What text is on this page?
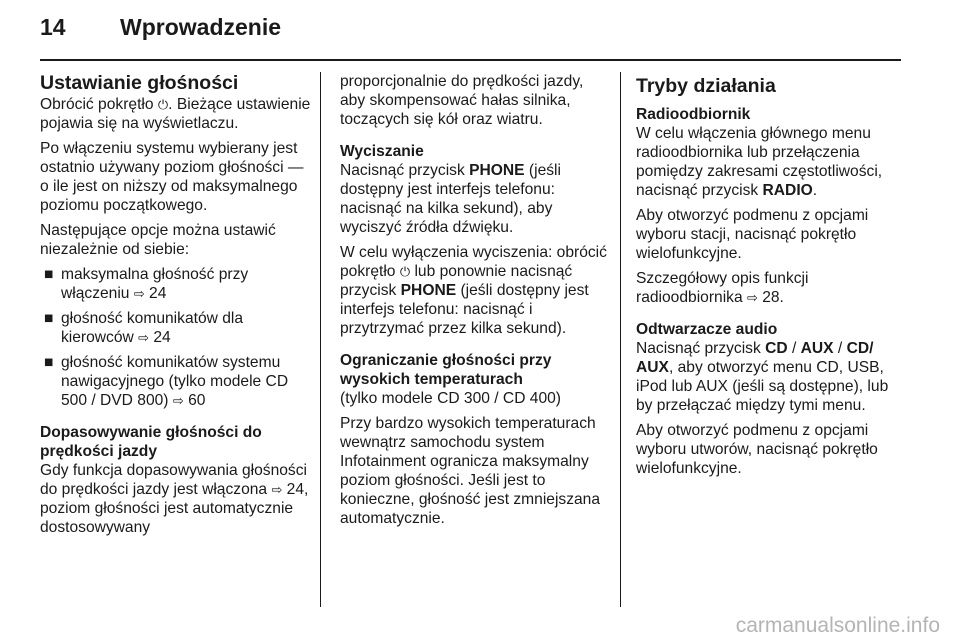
14 Wprowadzenie
Ustawianie głośności

Obrócić pokrętło ⏻. Bieżące ustawienie pojawia się na wyświetlaczu.

Po włączeniu systemu wybierany jest ostatnio używany poziom głośności — o ile jest on niższy od maksymalnego poziomu początkowego.

Następujące opcje można ustawić niezależnie od siebie:

■ maksymalna głośność przy włączeniu ⇨ 24
■ głośność komunikatów dla kierowców ⇨ 24
■ głośność komunikatów systemu nawigacyjnego (tylko modele CD 500 / DVD 800) ⇨ 60
Dopasowywanie głośności do prędkości jazdy

Gdy funkcja dopasowywania głośności do prędkości jazdy jest włączona ⇨ 24, poziom głośności jest automatycznie dostosowywany

proporcjonalnie do prędkości jazdy, aby skompensować hałas silnika, toczących się kół oraz wiatru.

Wyciszanie

Nacisnąć przycisk PHONE (jeśli dostępny jest interfejs telefonu: nacisnąć na kilka sekund), aby wyciszyć źródła dźwięku.

W celu wyłączenia wyciszenia: obrócić pokrętło ⏻ lub ponownie nacisnąć przycisk PHONE (jeśli dostępny jest interfejs telefonu: nacisnąć i przytrzymać przez kilka sekund).

Ograniczanie głośności przy wysokich temperaturach

(tylko modele CD 300 / CD 400)

Przy bardzo wysokich temperaturach wewnątrz samochodu system Infotainment ogranicza maksymalny poziom głośności. Jeśli jest to konieczne, głośność jest zmniejszana automatycznie.

Tryby działania
Radioodbiornik

W celu włączenia głównego menu radioodbiornika lub przełączenia pomiędzy zakresami częstotliwości, nacisnąć przycisk RADIO.

Aby otworzyć podmenu z opcjami wyboru stacji, nacisnąć pokrętło wielofunkcyjne.

Szczegółowy opis funkcji radioodbiornika ⇨ 28.

Odtwarzacze audio

Nacisnąć przycisk CD / AUX / CD/ AUX, aby otworzyć menu CD, USB, iPod lub AUX (jeśli są dostępne), lub by przełączać między tymi menu.

Aby otworzyć podmenu z opcjami wyboru utworów, nacisnąć pokrętło wielofunkcyjne.

carmanualsonline.info
